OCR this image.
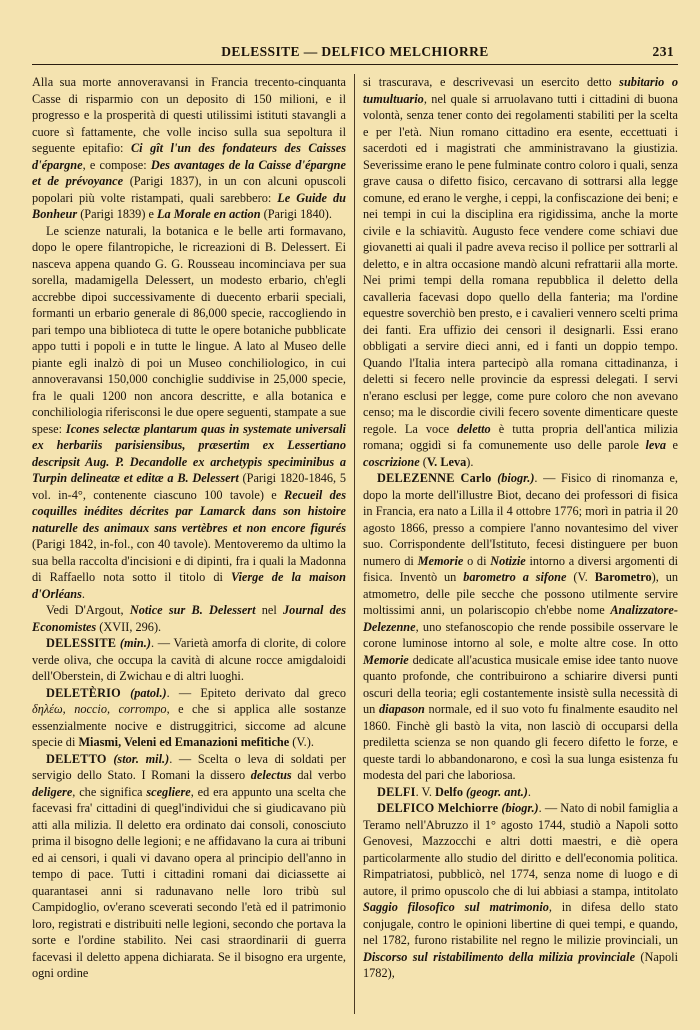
DELESSITE — DELFICO MELCHIORRE	231

Alla sua morte annoveravansi in Francia trecento-cinquanta Casse di risparmio con un deposito di 150 milioni, e il progresso e la prosperità di questi utilissimi istituti stavangli a cuore sì fattamente, che volle inciso sulla sua sepoltura il seguente epitafio: Ci gît l'un des fondateurs des Caisses d'épargne, e compose: Des avantages de la Caisse d'épargne et de prévoyance (Parigi 1837), in un con alcuni opuscoli popolari più volte ristampati, quali sarebbero: Le Guide du Bonheur (Parigi 1839) e La Morale en action (Parigi 1840).

Le scienze naturali, la botanica e le belle arti formavano, dopo le opere filantropiche, le ricreazioni di B. Delessert. Ei nasceva appena quando G. G. Rousseau incominciava per sua sorella, madamigella Delessert, un modesto erbario, ch'egli accrebbe dipoi successivamente di duecento erbarii speciali, formanti un erbario generale di 86,000 specie, raccogliendo in pari tempo una biblioteca di tutte le opere botaniche pubblicate appo tutti i popoli e in tutte le lingue. A lato al Museo delle piante egli inalzò di poi un Museo conchiliologico, in cui annoveravansi 150,000 conchiglie suddivise in 25,000 specie, fra le quali 1200 non ancora descritte, e alla botanica e conchiliologia riferisconsi le due opere seguenti, stampate a sue spese: Icones selectæ plantarum quas in systemate universali ex herbariis parisiensibus, præsertim ex Lessertiano descripsit Aug. P. Decandolle ex archetypis speciminibus a Turpin delineatæ et editæ a B. Delessert (Parigi 1820-1846, 5 vol. in-4°, contenente ciascuno 100 tavole) e Recueil des coquilles inédites décrites par Lamarck dans son histoire naturelle des animaux sans vertèbres et non encore figurés (Parigi 1842, in-fol., con 40 tavole). Mentoveremo da ultimo la sua bella raccolta d'incisioni e di dipinti, fra i quali la Madonna di Raffaello nota sotto il titolo di Vierge de la maison d'Orléans.

Vedi D'Argout, Notice sur B. Delessert nel Journal des Economistes (XVII, 296).

DELESSITE (min.). — Varietà amorfa di clorite, di colore verde oliva, che occupa la cavità di alcune rocce amigdaloidi dell'Oberstein, di Zwichau e di altri luoghi.

DELETÈRIO (patol.). — Epiteto derivato dal greco δηλέω, noccio, corrompo, e che si applica alle sostanze essenzialmente nocive e distruggitrici, siccome ad alcune specie di Miasmi, Veleni ed Emanazioni mefitiche (V.).

DELETTO (stor. mil.). — Scelta o leva di soldati per servigio dello Stato. I Romani la dissero delectus dal verbo deligere, che significa scegliere, ed era appunto una scelta che facevasi fra' cittadini di quegl'individui che si giudicavano più atti alla milizia. Il deletto era ordinato dai consoli, conosciuto prima il bisogno delle legioni; e ne affidavano la cura ai tribuni ed ai censori, i quali vi davano opera al principio dell'anno in tempo di pace. Tutti i cittadini romani dai diciassette ai quarantasei anni si radunavano nelle loro tribù sul Campidoglio, ov'erano sceverati secondo l'età ed il patrimonio loro, registrati e distribuiti nelle legioni, secondo che portava la sorte e l'ordine stabilito. Nei casi straordinarii di guerra facevasi il deletto appena dichiarata. Se il bisogno era urgente, ogni ordine

si trascurava, e descrivevasi un esercito detto subitario o tumultuario, nel quale si arruolavano tutti i cittadini di buona volontà, senza tener conto dei regolamenti stabiliti per la scelta e per l'età. Niun romano cittadino era esente, eccettuati i sacerdoti ed i magistrati che amministravano la giustizia. Severissime erano le pene fulminate contro coloro i quali, senza grave causa o difetto fisico, cercavano di sottrarsi alla legge comune, ed erano le verghe, i ceppi, la confiscazione dei beni; e nei tempi in cui la disciplina era rigidissima, anche la morte civile e la schiavitù. Augusto fece vendere come schiavi due giovanetti ai quali il padre aveva reciso il pollice per sottrarli al deletto, e in altra occasione mandò alcuni refrattarii alla morte. Nei primi tempi della romana repubblica il deletto della cavalleria facevasi dopo quello della fanteria; ma l'ordine equestre soverchiò ben presto, e i cavalieri vennero scelti prima dei fanti. Era uffizio dei censori il designarli. Essi erano obbligati a servire dieci anni, ed i fanti un doppio tempo. Quando l'Italia intera partecipò alla romana cittadinanza, i deletti si fecero nelle provincie da espressi delegati. I servi n'erano esclusi per legge, come pure coloro che non avevano censo; ma le discordie civili fecero sovente dimenticare queste regole. La voce deletto è tutta propria dell'antica milizia romana; oggidì si fa comunemente uso delle parole leva e coscrizione (V. Leva).

DELEZENNE Carlo (biogr.). — Fisico di rinomanza e, dopo la morte dell'illustre Biot, decano dei professori di fisica in Francia, era nato a Lilla il 4 ottobre 1776; morì in patria il 20 agosto 1866, presso a compiere l'anno novantesimo del viver suo. Corrispondente dell'Istituto, fecesi distinguere per buon numero di Memorie o di Notizie intorno a diversi argomenti di fisica. Inventò un barometro a sifone (V. Barometro), un atmometro, delle pile secche che possono utilmente servire moltissimi anni, un polariscopio ch'ebbe nome Analizzatore-Delezenne, uno stefanoscopio che rende possibile osservare le corone luminose intorno al sole, e molte altre cose. In otto Memorie dedicate all'acustica musicale emise idee tanto nuove quanto profonde, che contribuirono a schiarire diversi punti oscuri della teoria; egli costantemente insistè sulla necessità di un diapason normale, ed il suo voto fu finalmente esaudito nel 1860. Finchè gli bastò la vita, non lasciò di occuparsi della prediletta scienza se non quando gli fecero difetto le forze, e queste tardi lo abbandonarono, e così la sua lunga esistenza fu modesta del pari che laboriosa.

DELFI. V. Delfo (geogr. ant.).

DELFICO Melchiorre (biogr.). — Nato di nobil famiglia a Teramo nell'Abruzzo il 1° agosto 1744, studiò a Napoli sotto Genovesi, Mazzocchi e altri dotti maestri, e diè opera particolarmente allo studio del diritto e dell'economia politica. Rimpatriatosi, pubblicò, nel 1774, senza nome di luogo e di autore, il primo opuscolo che di lui abbiasi a stampa, intitolato Saggio filosofico sul matrimonio, in difesa dello stato conjugale, contro le opinioni libertine di quei tempi, e quando, nel 1782, furono ristabilite nel regno le milizie provinciali, un Discorso sul ristabilimento della milizia provinciale (Napoli 1782),
